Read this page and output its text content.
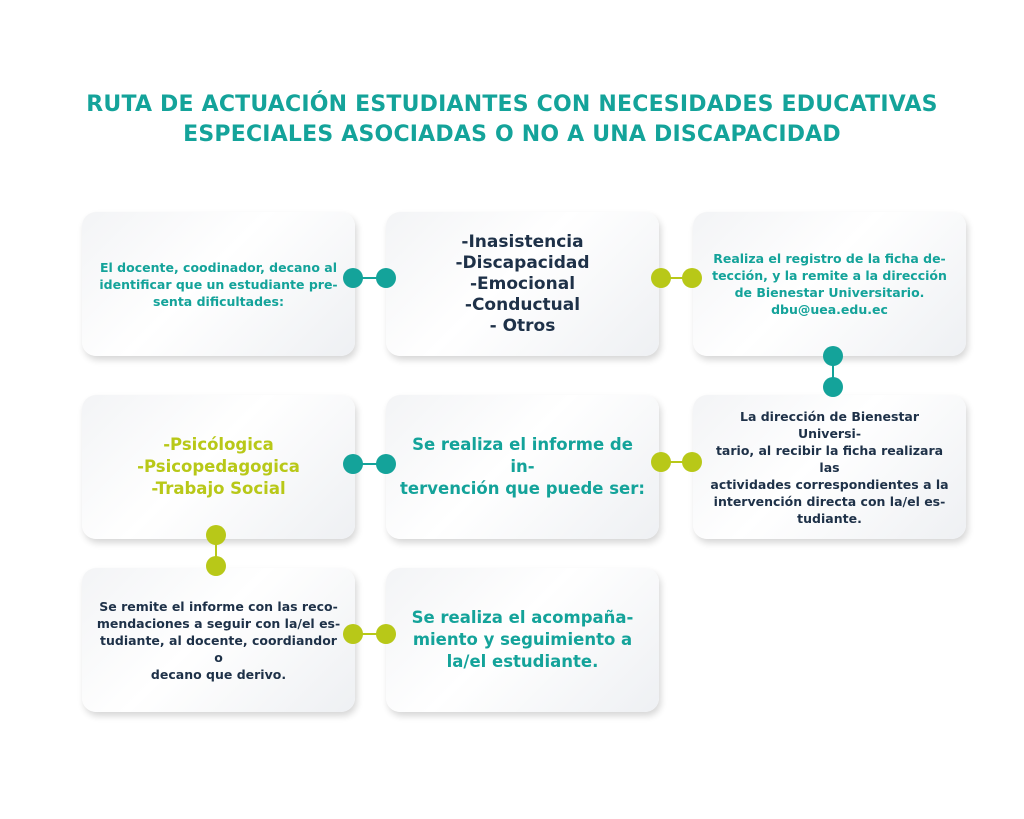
RUTA DE ACTUACIÓN ESTUDIANTES CON NECESIDADES EDUCATIVAS
ESPECIALES ASOCIADAS O NO A UNA DISCAPACIDAD
El docente, coodinador, decano al
identificar que un estudiante pre-
senta dificultades:
-Inasistencia
-Discapacidad
-Emocional
-Conductual
- Otros
Realiza el registro de la ficha de-
tección, y la remite a la dirección
de Bienestar Universitario.
dbu@uea.edu.ec
-Psicólogica
-Psicopedagogica
-Trabajo Social
Se realiza el informe de in-
tervención que puede ser:
La dirección de Bienestar Universi-
tario, al recibir la ficha realizara las
actividades correspondientes a la
intervención directa con la/el es-
tudiante.
Se remite el informe con las reco-
mendaciones a seguir con la/el es-
tudiante, al docente, coordiandor o
decano que derivo.
Se realiza el acompaña-
miento y seguimiento a
la/el estudiante.
